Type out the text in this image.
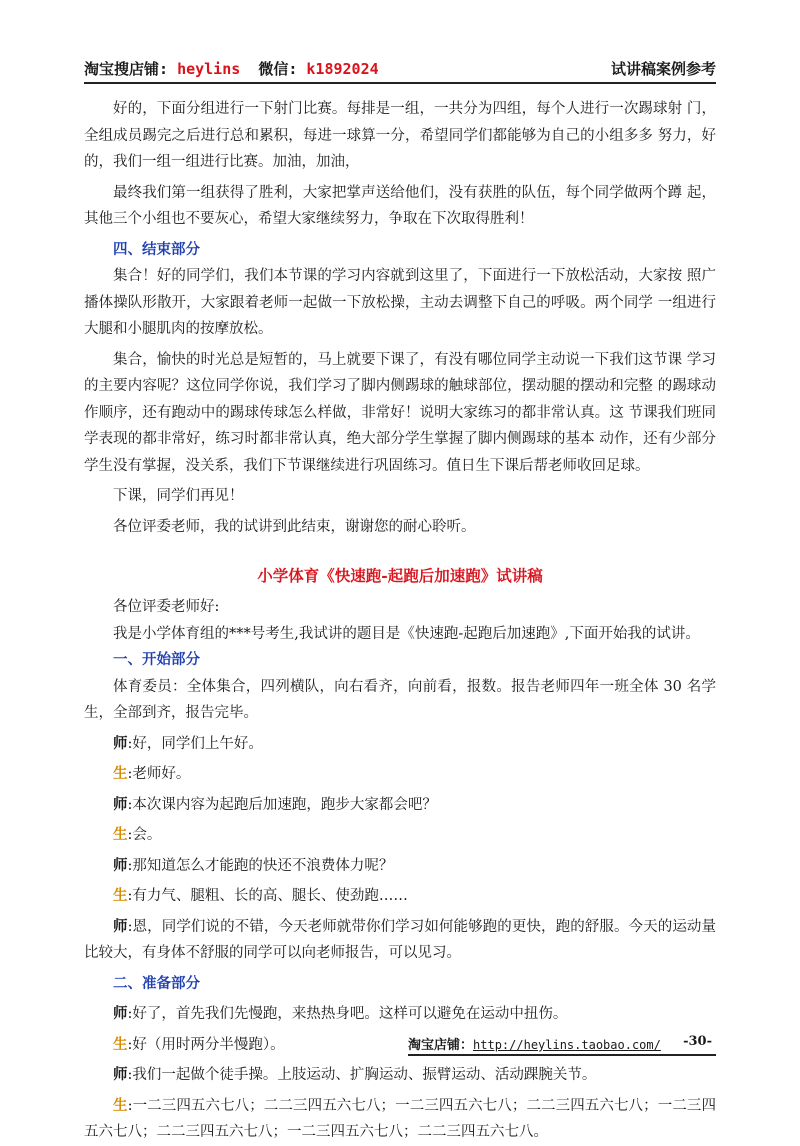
淘宝搜店铺: heylins  微信: k1892024	试讲稿案例参考

好的，下面分组进行一下射门比赛。每排是一组，一共分为四组，每个人进行一次踢球射 门，全组成员踢完之后进行总和累积，每进一球算一分，希望同学们都能够为自己的小组多多 努力，好的，我们一组一组进行比赛。加油，加油，

最终我们第一组获得了胜利，大家把掌声送给他们，没有获胜的队伍，每个同学做两个蹲 起，其他三个小组也不要灰心，希望大家继续努力，争取在下次取得胜利！

四、结束部分

集合！好的同学们，我们本节课的学习内容就到这里了，下面进行一下放松活动，大家按 照广播体操队形散开，大家跟着老师一起做一下放松操，主动去调整下自己的呼吸。两个同学 一组进行大腿和小腿肌肉的按摩放松。

集合，愉快的时光总是短暂的，马上就要下课了，有没有哪位同学主动说一下我们这节课 学习的主要内容呢？这位同学你说，我们学习了脚内侧踢球的触球部位，摆动腿的摆动和完整 的踢球动作顺序，还有跑动中的踢球传球怎么样做，非常好！说明大家练习的都非常认真。这 节课我们班同学表现的都非常好，练习时都非常认真，绝大部分学生掌握了脚内侧踢球的基本 动作，还有少部分学生没有掌握，没关系，我们下节课继续进行巩固练习。值日生下课后帮老师收回足球。

下课，同学们再见！

各位评委老师，我的试讲到此结束，谢谢您的耐心聆听。

小学体育《快速跑-起跑后加速跑》试讲稿

各位评委老师好:

我是小学体育组的***号考生,我试讲的题目是《快速跑-起跑后加速跑》,下面开始我的试讲。

一、开始部分

体育委员：全体集合，四列横队，向右看齐，向前看，报数。报告老师四年一班全体 30 名学生，全部到齐，报告完毕。

师:好，同学们上午好。

生:老师好。

师:本次课内容为起跑后加速跑，跑步大家都会吧？

生:会。

师:那知道怎么才能跑的快还不浪费体力呢？

生:有力气、腿粗、长的高、腿长、使劲跑……

师:恩，同学们说的不错，今天老师就带你们学习如何能够跑的更快，跑的舒服。今天的运动量比较大，有身体不舒服的同学可以向老师报告，可以见习。

二、准备部分

师:好了，首先我们先慢跑，来热热身吧。这样可以避免在运动中扭伤。

生:好（用时两分半慢跑）。

师:我们一起做个徒手操。上肢运动、扩胸运动、振臂运动、活动踝腕关节。

生:一二三四五六七八；二二三四五六七八；一二三四五六七八；二二三四五六七八；一二三四五六七八；二二三四五六七八；一二三四五六七八；二二三四五六七八。

淘宝店铺：http://heylins.taobao.com/ -30-
